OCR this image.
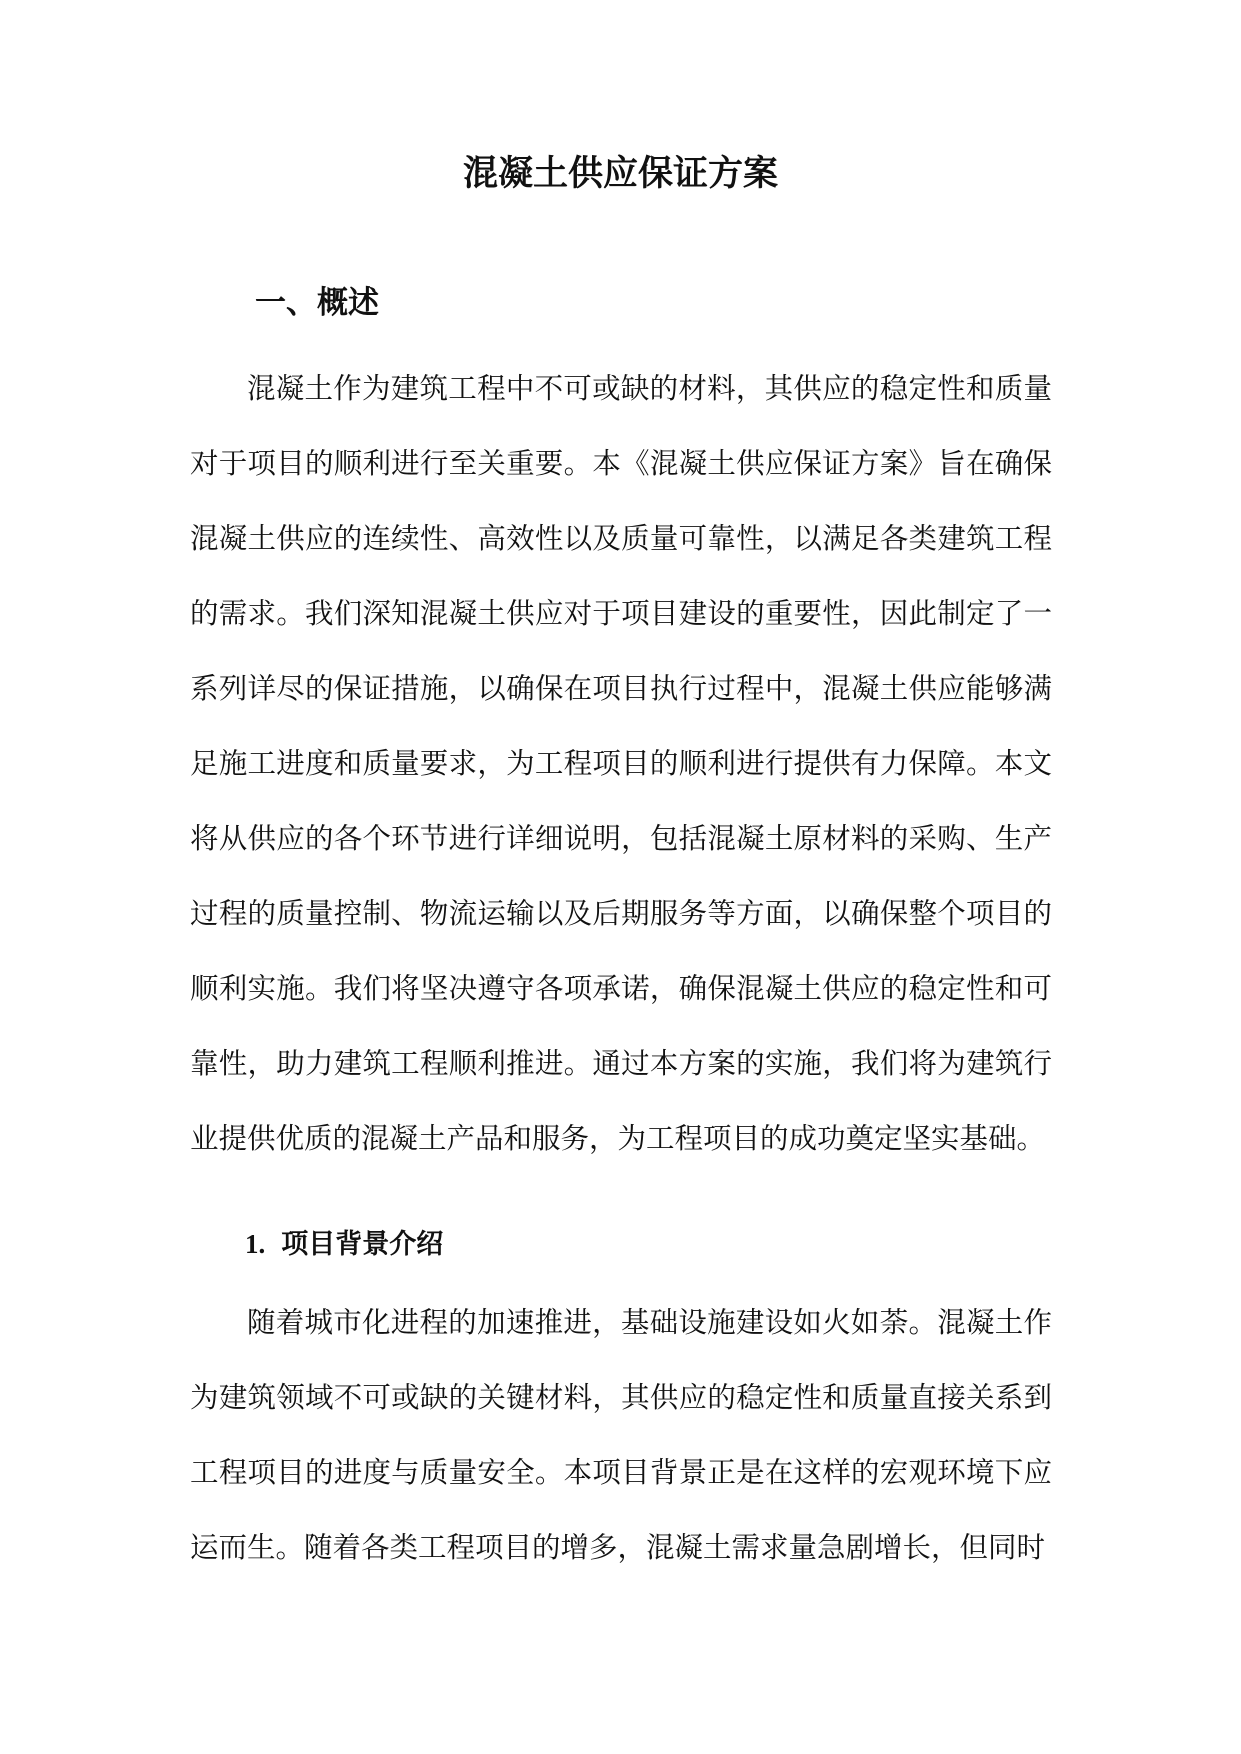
混凝土供应保证方案
一、概述

混凝土作为建筑工程中不可或缺的材料，其供应的稳定性和质量对于项目的顺利进行至关重要。本《混凝土供应保证方案》旨在确保混凝土供应的连续性、高效性以及质量可靠性，以满足各类建筑工程的需求。我们深知混凝土供应对于项目建设的重要性，因此制定了一系列详尽的保证措施，以确保在项目执行过程中，混凝土供应能够满足施工进度和质量要求，为工程项目的顺利进行提供有力保障。本文将从供应的各个环节进行详细说明，包括混凝土原材料的采购、生产过程的质量控制、物流运输以及后期服务等方面，以确保整个项目的顺利实施。我们将坚决遵守各项承诺，确保混凝土供应的稳定性和可靠性，助力建筑工程顺利推进。通过本方案的实施，我们将为建筑行业提供优质的混凝土产品和服务，为工程项目的成功奠定坚实基础。

1. 项目背景介绍

随着城市化进程的加速推进，基础设施建设如火如荼。混凝土作为建筑领域不可或缺的关键材料，其供应的稳定性和质量直接关系到工程项目的进度与质量安全。本项目背景正是在这样的宏观环境下应运而生。随着各类工程项目的增多，混凝土需求量急剧增长，但同时
